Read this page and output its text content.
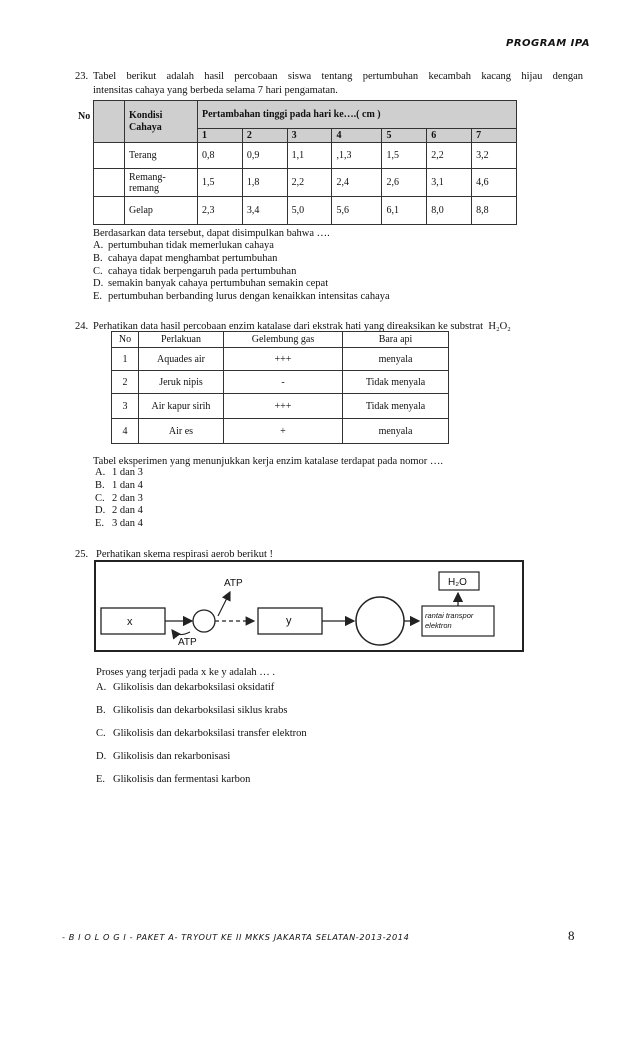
PROGRAM IPA
23. Tabel berikut adalah hasil percobaan siswa tentang pertumbuhan kecambah kacang hijau dengan
intensitas cahaya yang berbeda selama 7 hari pengamatan.
No	Kondisi Cahaya	Pertambahan tinggi pada hari ke….( cm )						
		1	2	3	4	5	6	7
	Terang	0,8	0,9	1,1	,1,3	1,5	2,2	3,2
	Remang-remang	1,5	1,8	2,2	2,4	2,6	3,1	4,6
	Gelap	2,3	3,4	5,0	5,6	6,1	8,0	8,8
Berdasarkan data tersebut, dapat disimpulkan bahwa ….
A. pertumbuhan tidak memerlukan cahaya
B. cahaya dapat menghambat pertumbuhan
C. cahaya tidak berpengaruh pada pertumbuhan
D. semakin banyak cahaya pertumbuhan semakin cepat
E. pertumbuhan berbanding lurus dengan kenaikkan intensitas cahaya
24. Perhatikan data hasil percobaan enzim katalase dari ekstrak hati yang direaksikan ke substrat H₂O₂
No	Perlakuan	Gelembung gas	Bara api
1	Aquades air	+++	menyala
2	Jeruk nipis	-	Tidak menyala
3	Air kapur sirih	+++	Tidak menyala
4	Air es	+	menyala
Tabel eksperimen yang menunjukkan kerja enzim katalase terdapat pada nomor ….
A. 1 dan 3
B. 1 dan 4
C. 2 dan 3
D. 2 dan 4
E. 3 dan 4
25. Perhatikan skema respirasi aerob berikut !
x
ATP
ATP
y	rantai transpor
elektron
H₂O
Proses yang terjadi pada x ke y adalah … .
A. Glikolisis dan dekarboksilasi oksidatif
B. Glikolisis dan dekarboksilasi siklus krabs
C. Glikolisis dan dekarboksilasi transfer elektron
D. Glikolisis dan rekarbonisasi
E. Glikolisis dan fermentasi karbon
- B I O L O G I - PAKET A- TRYOUT KE II MKKS JAKARTA SELATAN-2013-2014	8
